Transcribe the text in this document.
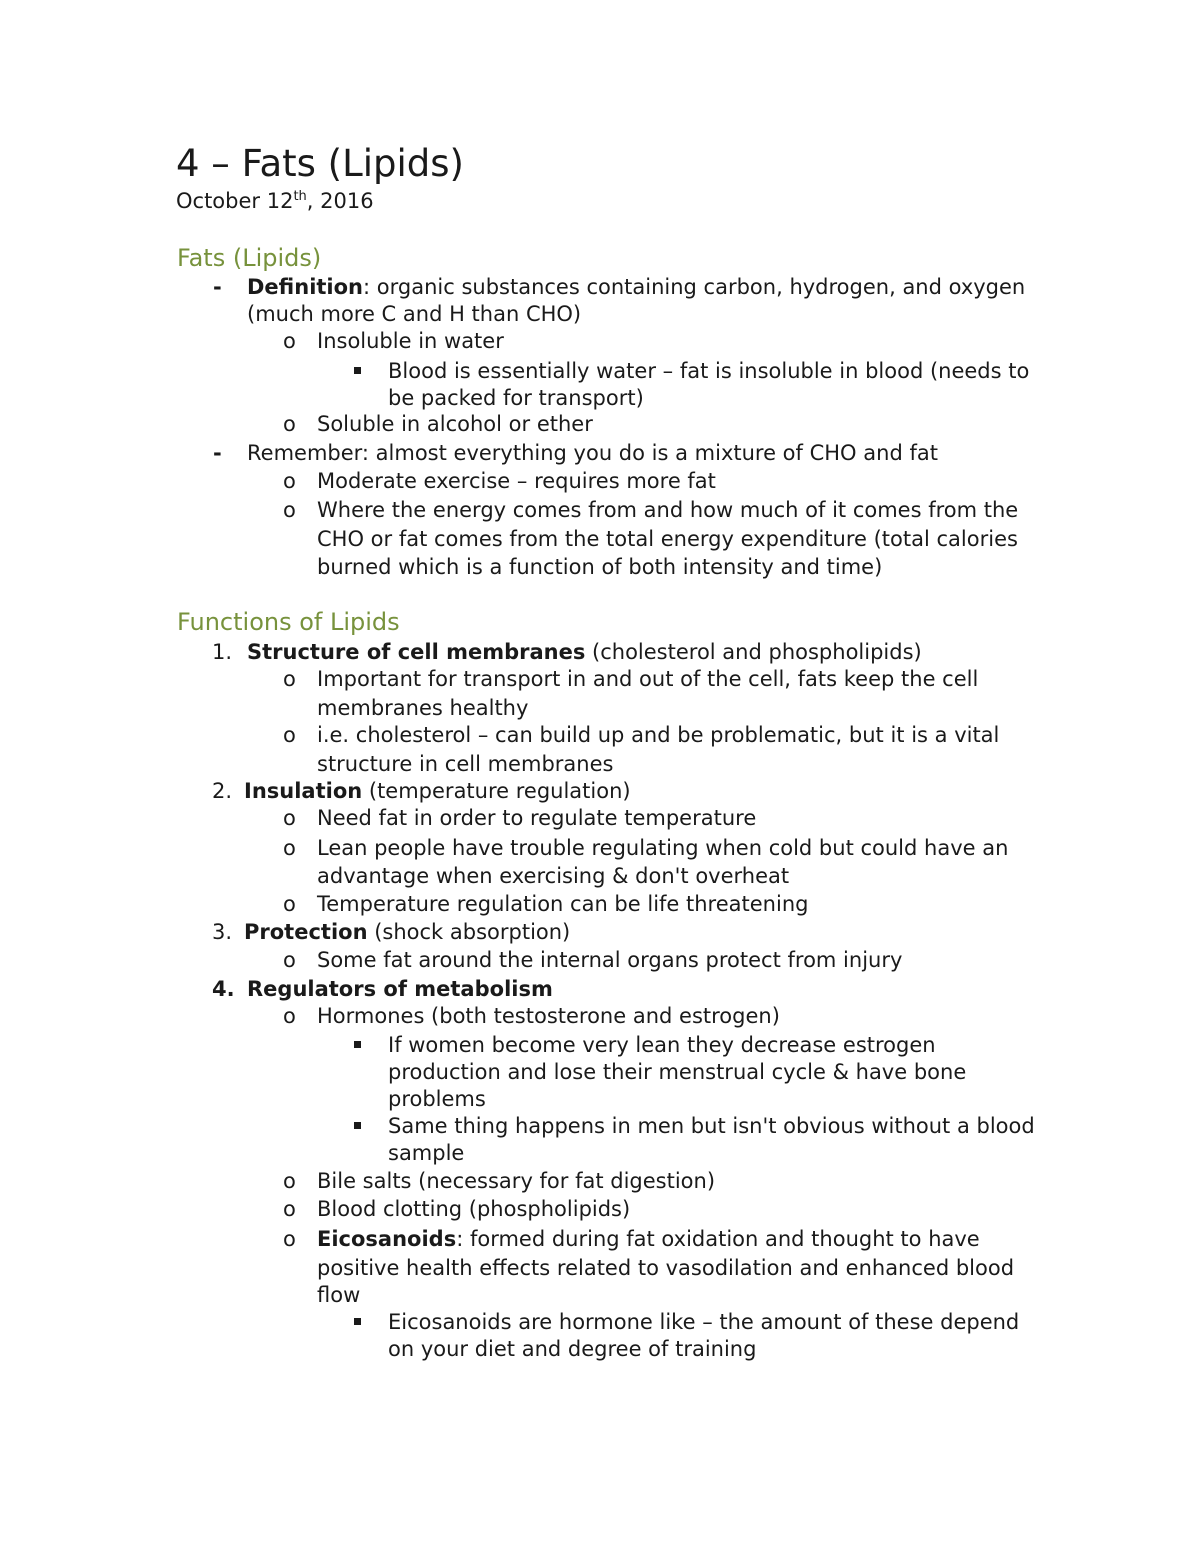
4 – Fats (Lipids)
October 12th, 2016
Fats (Lipids)
Functions of Lipids
- Definition: organic substances containing carbon, hydrogen, and oxygen
(much more C and H than CHO)
o Insoluble in water
Blood is essentially water – fat is insoluble in blood (needs to
be packed for transport)
o Soluble in alcohol or ether
- Remember: almost everything you do is a mixture of CHO and fat
o Moderate exercise – requires more fat
o Where the energy comes from and how much of it comes from the
CHO or fat comes from the total energy expenditure (total calories
burned which is a function of both intensity and time)
1. Structure of cell membranes (cholesterol and phospholipids)
o Important for transport in and out of the cell, fats keep the cell
membranes healthy
o i.e. cholesterol – can build up and be problematic, but it is a vital
structure in cell membranes
2. Insulation (temperature regulation)
o Need fat in order to regulate temperature
o Lean people have trouble regulating when cold but could have an
advantage when exercising & don't overheat
o Temperature regulation can be life threatening
3. Protection (shock absorption)
o Some fat around the internal organs protect from injury
4. Regulators of metabolism
o Hormones (both testosterone and estrogen)
If women become very lean they decrease estrogen
production and lose their menstrual cycle & have bone
problems
Same thing happens in men but isn't obvious without a blood
sample
o Bile salts (necessary for fat digestion)
o Blood clotting (phospholipids)
o Eicosanoids: formed during fat oxidation and thought to have
positive health effects related to vasodilation and enhanced blood
flow
Eicosanoids are hormone like – the amount of these depend
on your diet and degree of training
